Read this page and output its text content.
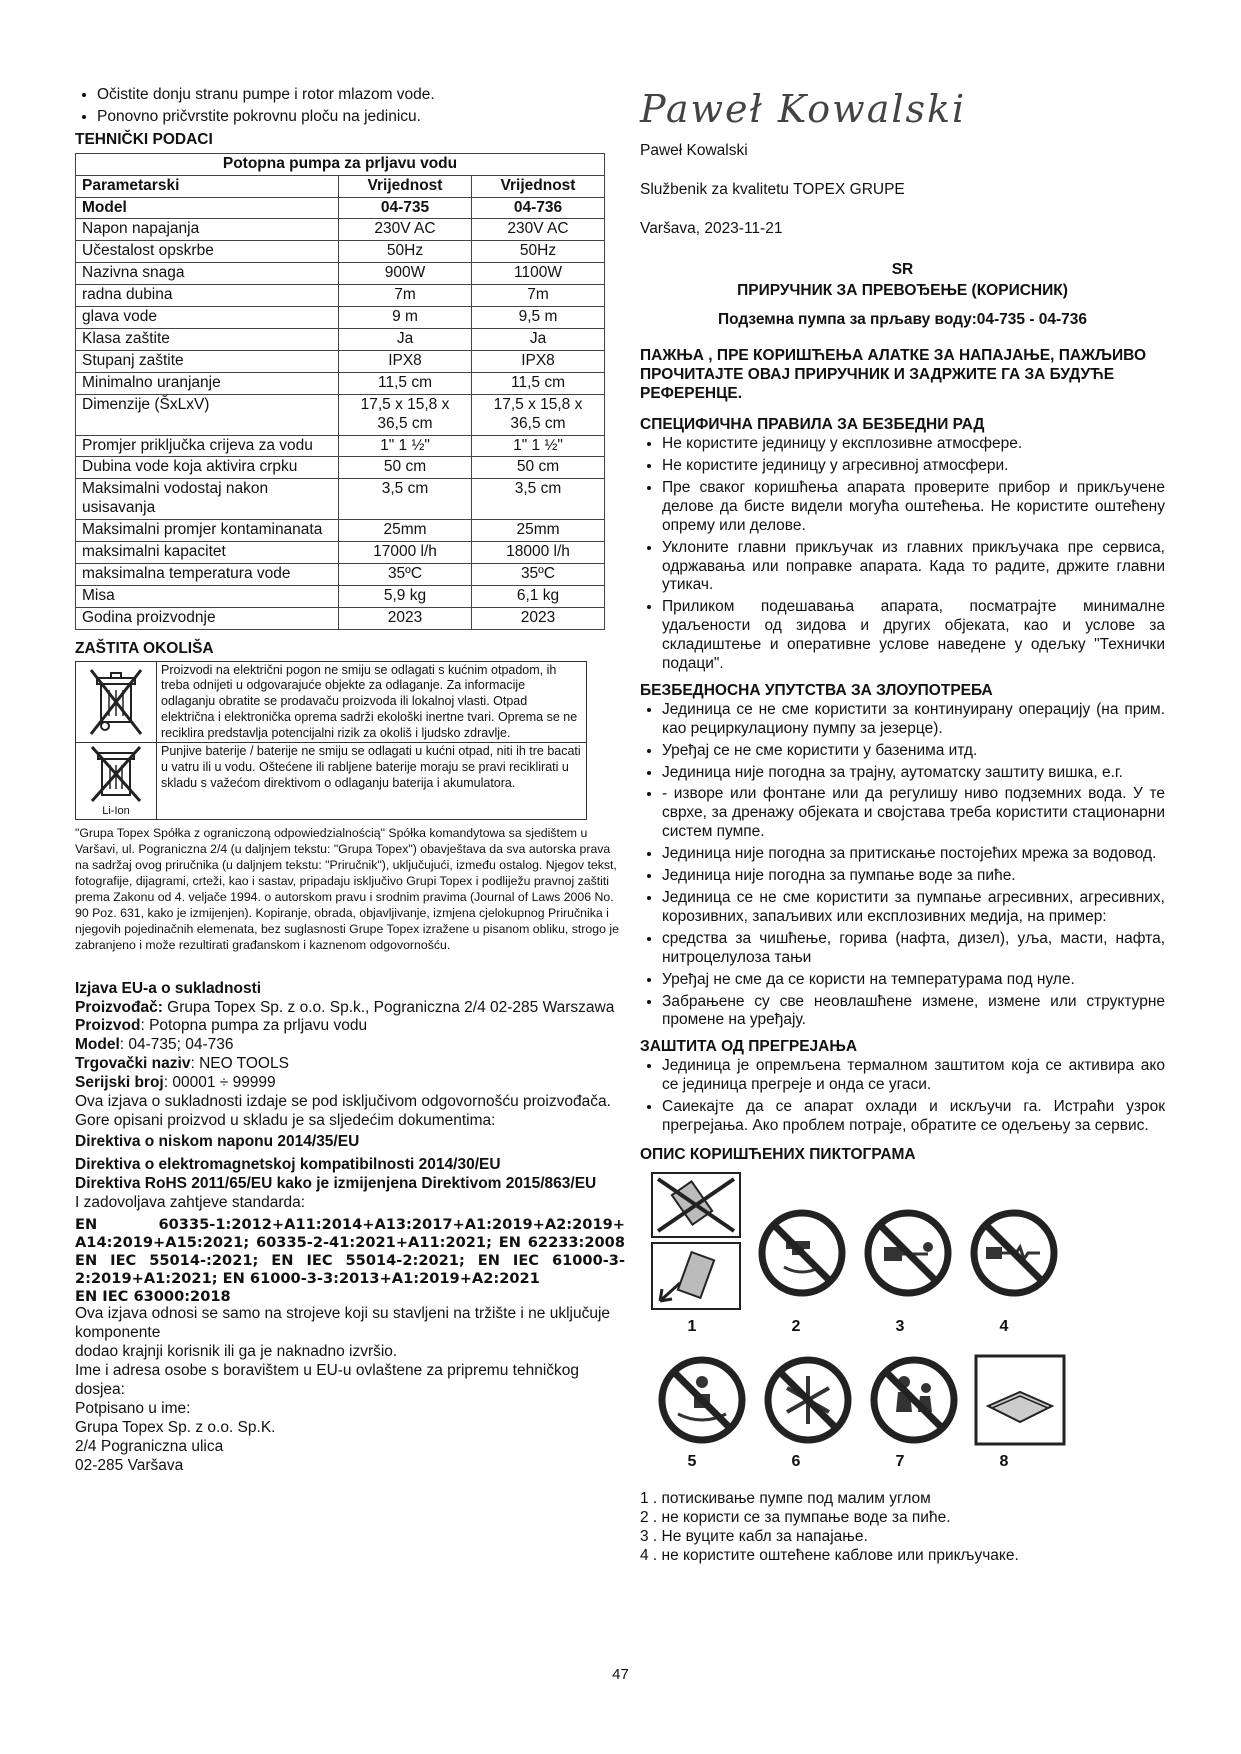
• Očistite donju stranu pumpe i rotor mlazom vode.
• Ponovno pričvrstite pokrovnu ploču na jedinicu.
TEHNIČKI PODACI
Potopna pumpa za prljavu vodu		
Parametarski	Vrijednost	Vrijednost
Model	04-735	04-736
Napon napajanja	230V AC	230V AC
Učestalost opskrbe	50Hz	50Hz
Nazivna snaga	900W	1100W
radna dubina	7m	7m
glava vode	9 m	9,5 m
Klasa zaštite	Ja	Ja
Stupanj zaštite	IPX8	IPX8
Minimalno uranjanje	11,5 cm	11,5 cm
Dimenzije (ŠxLxV)	17,5 x 15,8 x 36,5 cm	17,5 x 15,8 x 36,5 cm
Promjer priključka crijeva za vodu	1" 1 ½"	1" 1 ½"
Dubina vode koja aktivira crpku	50 cm	50 cm
Maksimalni vodostaj nakon usisavanja	3,5 cm	3,5 cm
Maksimalni promjer kontaminanata	25mm	25mm
maksimalni kapacitet	17000 l/h	18000 l/h
maksimalna temperatura vode	35ºC	35ºC
Misa	5,9 kg	6,1 kg
Godina proizvodnje	2023	2023
ZAŠTITA OKOLIŠA
Proizvodi na električni pogon ne smiju se odlagati s kućnim otpadom, ih treba odnijeti u odgovarajuće objekte za odlaganje. Za informacije odlaganju obratite se prodavaču proizvoda ili lokalnoj vlasti. Otpad električna i elektronička oprema sadrži ekološki inertne tvari. Oprema se ne reciklira predstavlja potencijalni rizik za okoliš i ljudsko zdravlje.
Li-Ion
Punjive baterije / baterije ne smiju se odlagati u kućni otpad, niti ih tre bacati u vatru ili u vodu. Oštećene ili rabljene baterije moraju se pravi reciklirati u skladu s važećom direktivom o odlaganju baterija i akumulatora.
"Grupa Topex Spółka z ograniczoną odpowiedzialnością" Spółka komandytowa sa sjedištem u Varšavi, ul. Pograniczna 2/4 (u daljnjem tekstu: "Grupa Topex") obavještava da sva autorska prava na sadržaj ovog priručnika (u daljnjem tekstu: "Priručnik"), uključujući, između ostalog. Njegov tekst, fotografije, dijagrami, crteži, kao i sastav, pripadaju isključivo Grupi Topex i podliježu pravnoj zaštiti prema Zakonu od 4. veljače 1994. o autorskom pravu i srodnim pravima (Journal of Laws 2006 No. 90 Poz. 631, kako je izmijenjen). Kopiranje, obrada, objavljivanje, izmjena cjelokupnog Priručnika i njegovih pojedinačnih elemenata, bez suglasnosti Grupe Topex izražene u pisanom obliku, strogo je zabranjeno i može rezultirati građanskom i kaznenom odgovornošću.

Izjava EU-a o sukladnosti

Proizvođač: Grupa Topex Sp. z o.o. Sp.k., Pograniczna 2/4 02-285 Warszawa

Proizvod: Potopna pumpa za prljavu vodu

Model: 04-735; 04-736

Trgovački naziv: NEO TOOLS

Serijski broj: 00001 ÷ 99999

Ova izjava o sukladnosti izdaje se pod isključivom odgovornošću proizvođača.

Gore opisani proizvod u skladu je sa sljedećim dokumentima:

Direktiva o niskom naponu 2014/35/EU

Direktiva o elektromagnetskoj kompatibilnosti 2014/30/EU

Direktiva RoHS 2011/65/EU kako je izmijenjena Direktivom 2015/863/EU

I zadovoljava zahtjeve standarda:

EN 60335-1:2012+A11:2014+A13:2017+A1:2019+A2:2019+ A14:2019+A15:2021; 60335-2-41:2021+A11:2021; EN 62233:2008 EN IEC 55014-:2021; EN IEC 55014-2:2021; EN IEC 61000-3-2:2019+A1:2021; EN 61000-3-3:2013+A1:2019+A2:2021

EN IEC 63000:2018

Ova izjava odnosi se samo na strojeve koji su stavljeni na tržište i ne uključuje komponente

dodao krajnji korisnik ili ga je naknadno izvršio.

Ime i adresa osobe s boravištem u EU-u ovlaštene za pripremu tehničkog dosjea:

Potpisano u ime:

Grupa Topex Sp. z o.o. Sp.K.

2/4 Pograniczna ulica

02-285 Varšava

Paweł Kowalski
Paweł Kowalski
Službenik za kvalitetu TOPEX GRUPE
Varšava, 2023-11-21
SR
ПРИРУЧНИК ЗА ПРЕВОЂЕЊЕ (КОРИСНИК)
Подземна пумпа за прљаву воду:04-735 - 04-736
ПАЖЊА , ПРЕ КОРИШЋЕЊА АЛАТКЕ ЗА НАПАЈАЊЕ, ПАЖЉИВО ПРОЧИТАЈТЕ ОВАЈ ПРИРУЧНИК И ЗАДРЖИТЕ ГА ЗА БУДУЋЕ РЕФЕРЕНЦЕ.
СПЕЦИФИЧНА ПРАВИЛА ЗА БЕЗБЕДНИ РАД
• Не користите јединицу у експлозивне атмосфере.
• Не користите јединицу у агресивној атмосфери.
• Пре сваког коришћења апарата проверите прибор и прикључене делове да бисте видели могућа оштећења. Не користите оштећену опрему или делове.
• Уклоните главни прикључак из главних прикључака пре сервиса, одржавања или поправке апарата. Када то радите, држите главни утикач.
• Приликом подешавања апарата, посматрајте минималне удаљености од зидова и других објеката, као и услове за складиштење и оперативне услове наведене у одељку "Технички подаци".
БЕЗБЕДНОСНА УПУТСТВА ЗА ЗЛОУПОТРЕБА
• Јединица се не сме користити за континуирану операцију (на прим. као рециркулациону пумпу за језерце).
• Уређај се не сме користити у базенима итд.
• Јединица није погодна за трајну, аутоматску заштиту вишка, е.г.
• - изворе или фонтане или да регулишу ниво подземних вода. У те сврхе, за дренажу објеката и својстава треба користити стационарни систем пумпе.
• Јединица није погодна за притискање постојећих мрежа за водовод.
• Јединица није погодна за пумпање воде за пиће.
• Јединица се не сме користити за пумпање агресивних, агресивних, корозивних, запаљивих или експлозивних медија, на пример:
• средства за чишћење, горива (нафта, дизел), уља, масти, нафта, нитроцелулоза тањи
• Уређај не сме да се користи на температурама под нуле.
• Забрањене су све неовлашћене измене, измене или структурне промене на уређају.
ЗАШТИТА ОД ПРЕГРЕЈАЊА
• Јединица је опремљена термалном заштитом која се активира ако се јединица прегреје и онда се угаси.
• Саиекајте да се апарат охлади и искључи га. Истраћи узрок прегрејања. Ако проблем потраје, обратите се одељењу за сервис.
ОПИС КОРИШЋЕНИХ ПИКТОГРАМА
1	2	3	4
5	6	7	8
1 . потискивање пумпе под малим углом
2 . не користи се за пумпање воде за пиће.
3 . Не вуците кабл за напајање.
4 . не користите оштећене каблове или прикључаке.
47
